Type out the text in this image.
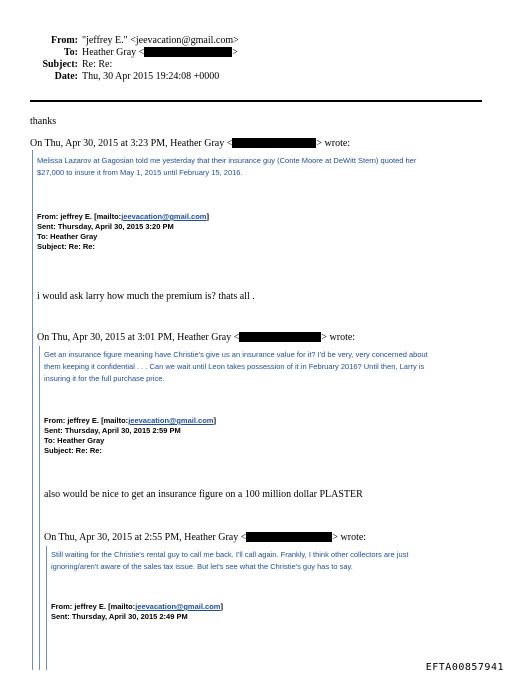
From: "jeffrey E." <jeevacation@gmail.com>
To: Heather Gray <	>
Subject: Re: Re:
Date: Thu, 30 Apr 2015 19:24:08 +0000
thanks
On Thu, Apr 30, 2015 at 3:23 PM, Heather Gray <	> wrote:
Melissa Lazarov at Gagosian told me yesterday that their insurance guy (Conte Moore at DeWitt Stern) quoted her
$27,000 to insure it from May 1, 2015 until February 15, 2016.
From: jeffrey E. [mailto:jeevacation@gmail.com]
Sent: Thursday, April 30, 2015 3:20 PM
To: Heather Gray
Subject: Re: Re:
i would ask larry how much the premium is? thats all .
On Thu, Apr 30, 2015 at 3:01 PM, Heather Gray <	> wrote:
Get an insurance figure meaning have Christie's give us an insurance value for it? I'd be very, very concerned about
them keeping it confidential . . . Can we wait until Leon takes possession of it in February 2016? Until then, Larry is
insuring it for the full purchase price.
From: jeffrey E. [mailto:jeevacation@gmail.com]
Sent: Thursday, April 30, 2015 2:59 PM
To: Heather Gray
Subject: Re: Re:
also would be nice to get an insurance figure on a 100 million dollar PLASTER
On Thu, Apr 30, 2015 at 2:55 PM, Heather Gray <	> wrote:
Still waiting for the Christie's rental guy to call me back. I'll call again. Frankly, I think other collectors are just
ignoring/aren't aware of the sales tax issue. But let's see what the Christie's guy has to say.
From: jeffrey E. [mailto:jeevacation@gmail.com]
Sent: Thursday, April 30, 2015 2:49 PM
EFTA00857941
